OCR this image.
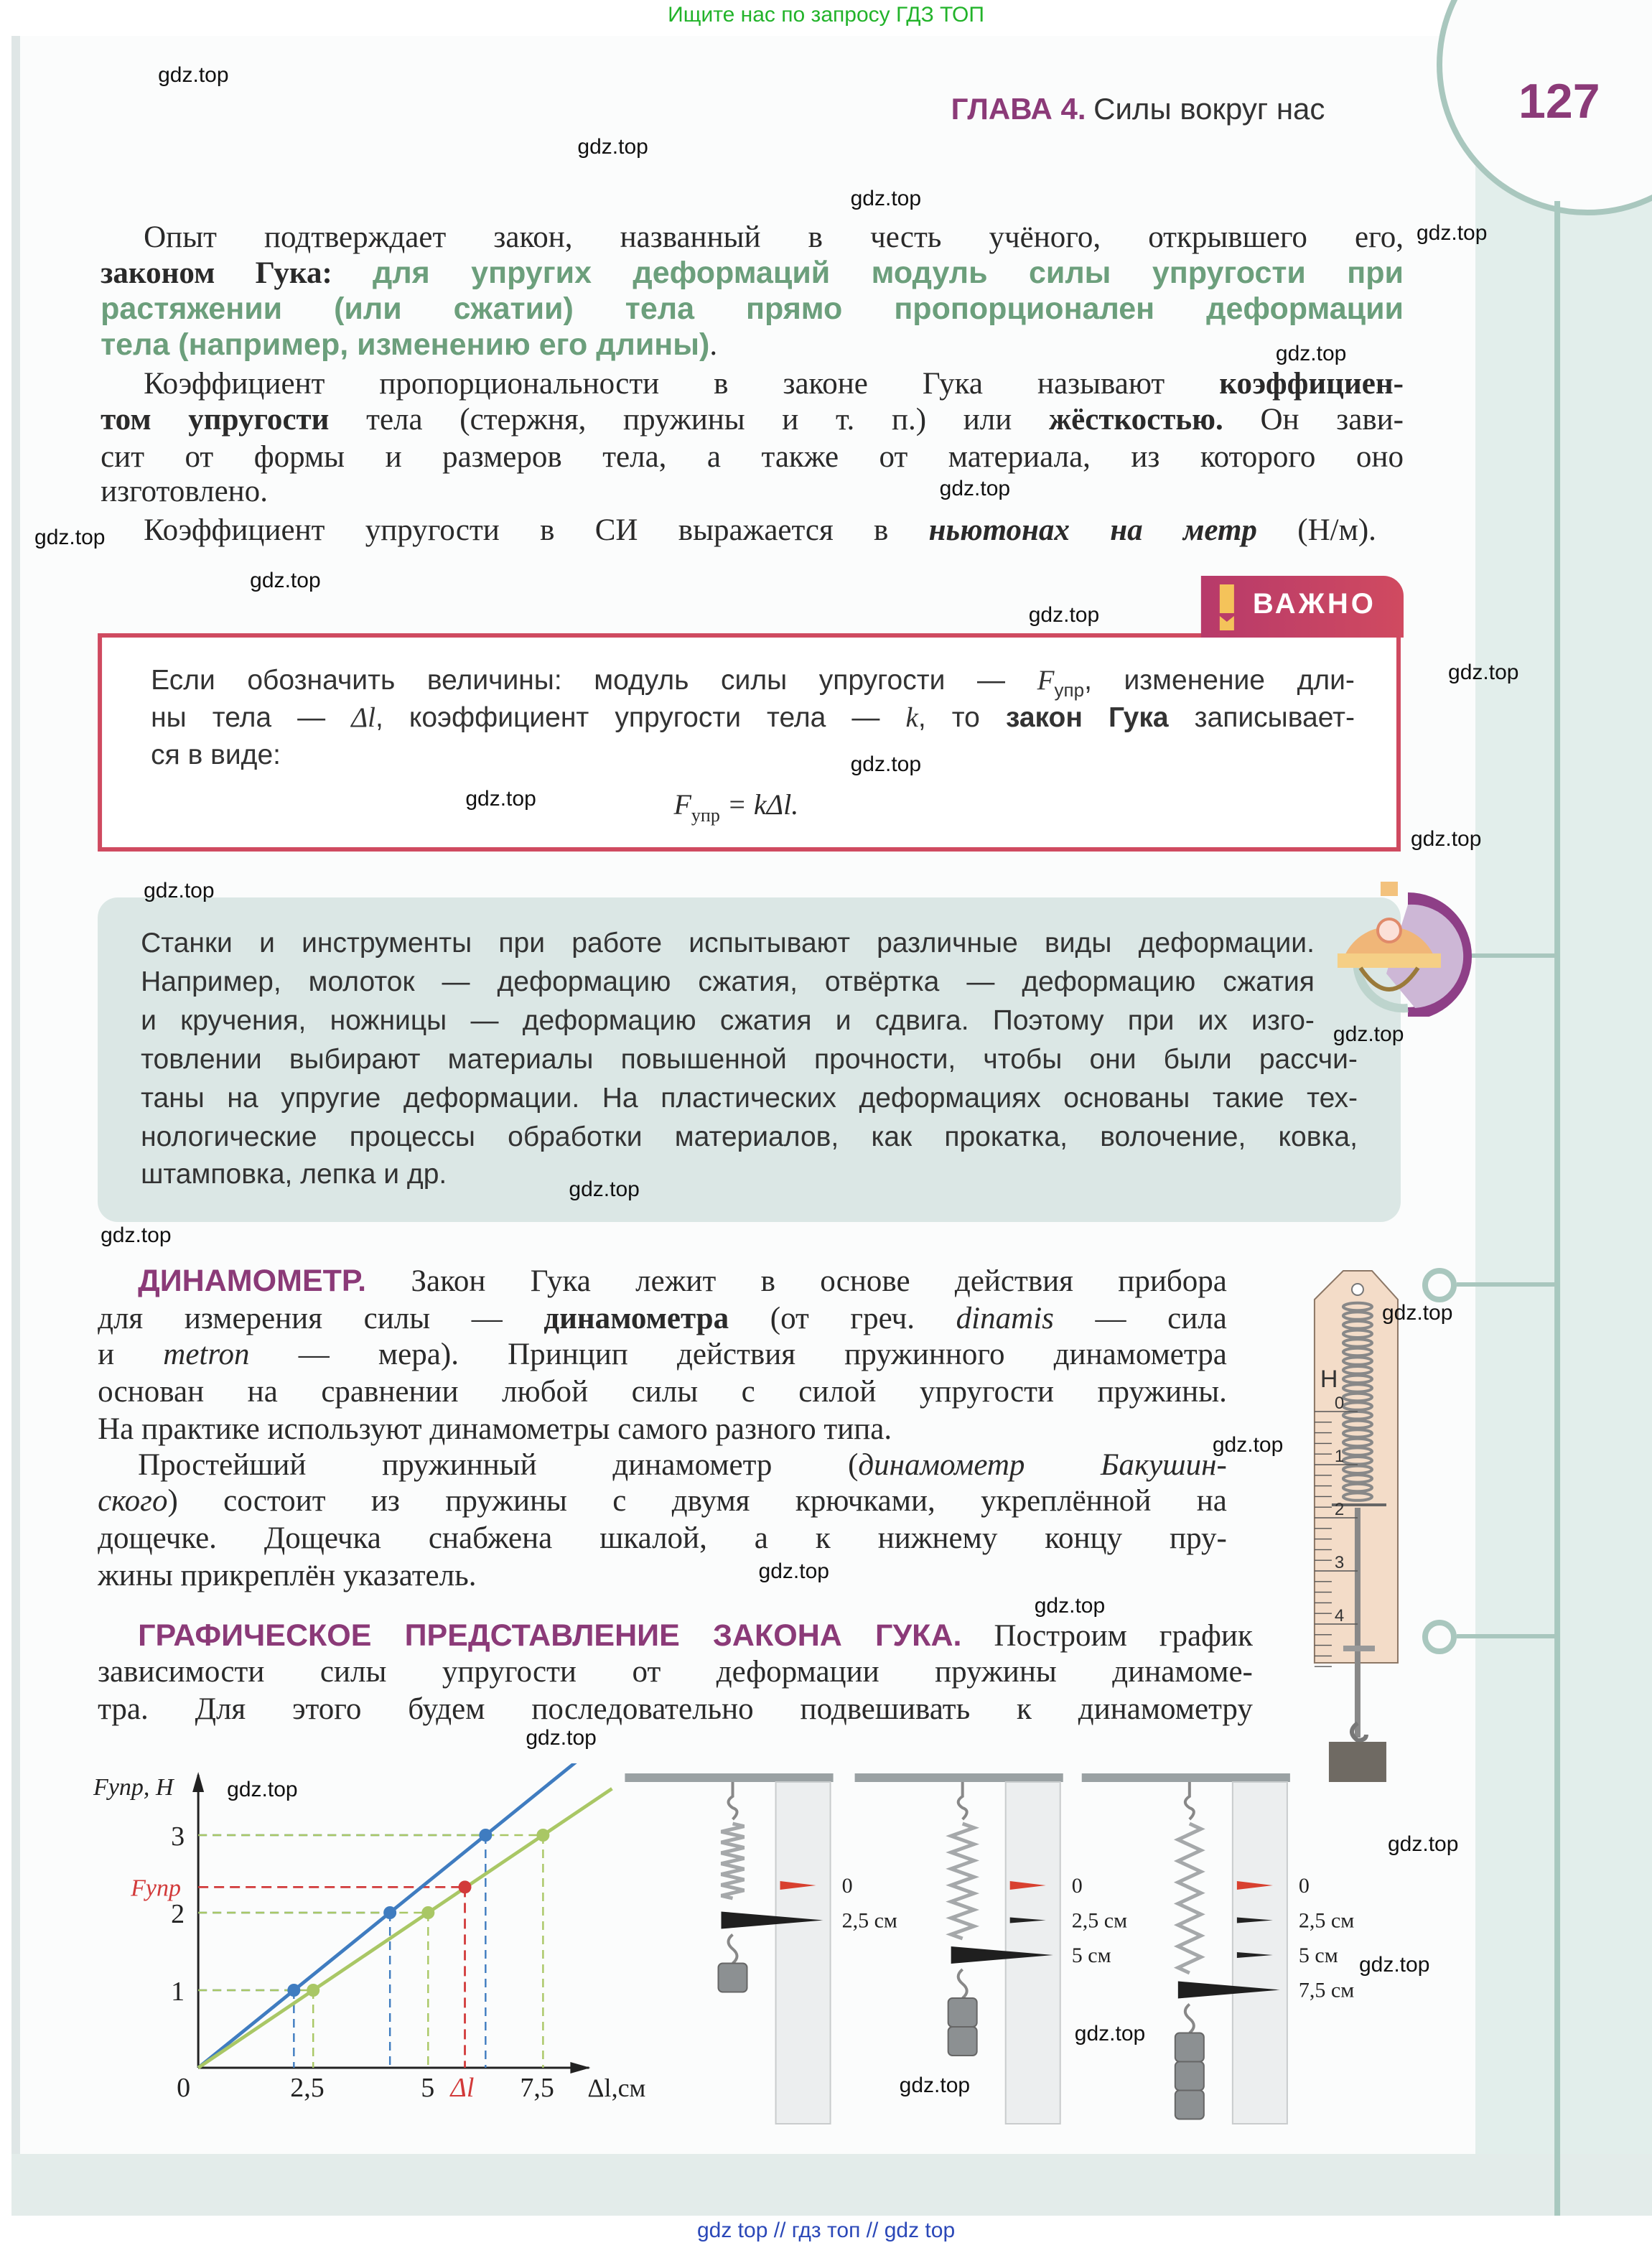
Ищите нас по запросу ГДЗ ТОП
ГЛАВА 4. Силы вокруг нас	127
Опыт подтверждает закон, названный в честь учёного, открывшего его,
законом Гука:	для упругих деформаций модуль силы упругости при
растяжении (или сжатии) тела прямо пропорционален деформации
тела (например, изменению его длины).
Коэффициент пропорциональности в законе Гука называют коэффициен-
том упругости тела (стержня, пружины и т. п.) или жёсткостью. Он зави-
сит от формы и размеров тела, а также от материала, из которого оно
изготовлено.
Коэффициент упругости в СИ выражается в ньютонах на метр (Н/м).
Если обозначить величины: модуль силы упругости — $F_{упр}$, изменение дли-
ны тела — Δl, коэффициент упругости тела — k, то закон Гука записывает-
ся в виде:
$F_{упр} = k\Delta l$.
ВАЖНО
Станки и инструменты при работе испытывают различные виды деформации.
Например, молоток — деформацию сжатия, отвёртка — деформацию сжатия
и кручения, ножницы — деформацию сжатия и сдвига. Поэтому при их изго-
товлении выбирают материалы повышенной прочности, чтобы они были рассчи-
таны на упругие деформации. На пластических деформациях основаны такие тех-
нологические процессы обработки материалов, как прокатка, волочение, ковка,
штамповка, лепка и др.
ДИНАМОМЕТР.	Закон Гука лежит в основе действия прибора
для измерения силы — динамометра (от греч. dinamis — сила
и metron — мера). Принцип действия пружинного динамометра
основан на сравнении любой силы с силой упругости пружины.
На практике используют динамометры самого разного типа.
Простейший пружинный динамометр (динамометр Бакушин-
ского) состоит из пружины с двумя крючками, укреплённой на
дощечке. Дощечка снабжена шкалой, а к нижнему концу пру-
жины прикреплён указатель.
ГРАФИЧЕСКОЕ ПРЕДСТАВЛЕНИЕ ЗАКОНА ГУКА. Построим график
зависимости силы упругости от деформации пружины динамоме-
тра. Для этого будем последовательно подвешивать к динамометру
0
1
2
3
4
Н
Fупр, Н
1
2
3
0	2,5	5	7,5
Fупр
Δl	Δl,см
0
2,5 см
0
2,5 см
5 см
0
2,5 см
5 см
7,5 см
gdz.top
gdz.top
gdz.top
gdz.top
gdz.top
gdz.top
gdz.top
gdz.top
gdz.top
gdz.top
gdz.top
gdz.top
gdz.top
gdz.top
gdz.top
gdz.top
gdz.top
gdz.top
gdz.top
gdz.top
gdz.top
gdz.top
gdz.top
gdz.top
gdz.top
gdz.top
gdz.top
gdz top // гдз топ // gdz top
